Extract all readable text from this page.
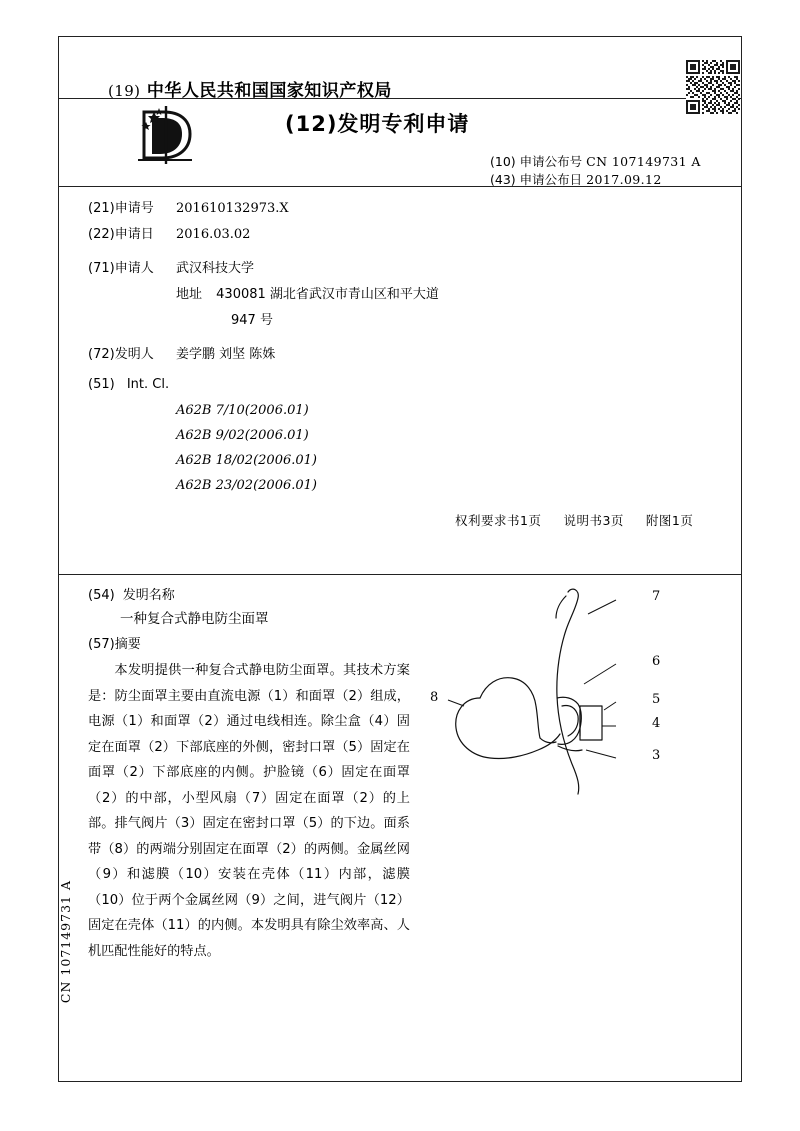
(19) 中华人民共和国国家知识产权局
(12)发明专利申请
(10) 申请公布号 CN 107149731 A
(43) 申请公布日 2017.09.12
(21)申请号 201610132973.X
(22)申请日 2016.03.02
(71)申请人 武汉科技大学
地址 430081 湖北省武汉市青山区和平大道
947 号
(72)发明人 姜学鹏 刘坚 陈姝
(51) Int. Cl.
A62B 7/10(2006.01)
A62B 9/02(2006.01)
A62B 18/02(2006.01)
A62B 23/02(2006.01)
权利要求书1页 说明书3页 附图1页
(54) 发明名称
一种复合式静电防尘面罩
(57)摘要

本发明提供一种复合式静电防尘面罩。其技术方案是：防尘面罩主要由直流电源（1）和面罩（2）组成，电源（1）和面罩（2）通过电线相连。除尘盒（4）固定在面罩（2）下部底座的外侧，密封口罩（5）固定在面罩（2）下部底座的内侧。护脸镜（6）固定在面罩（2）的中部，小型风扇（7）固定在面罩（2）的上部。排气阀片（3）固定在密封口罩（5）的下边。面系带（8）的两端分别固定在面罩（2）的两侧。金属丝网（9）和滤膜（10）安装在壳体（11）内部，滤膜（10）位于两个金属丝网（9）之间，进气阀片（12）固定在壳体（11）的内侧。本发明具有除尘效率高、人机匹配性能好的特点。

7
6
5
4
3
8
CN 107149731 A
